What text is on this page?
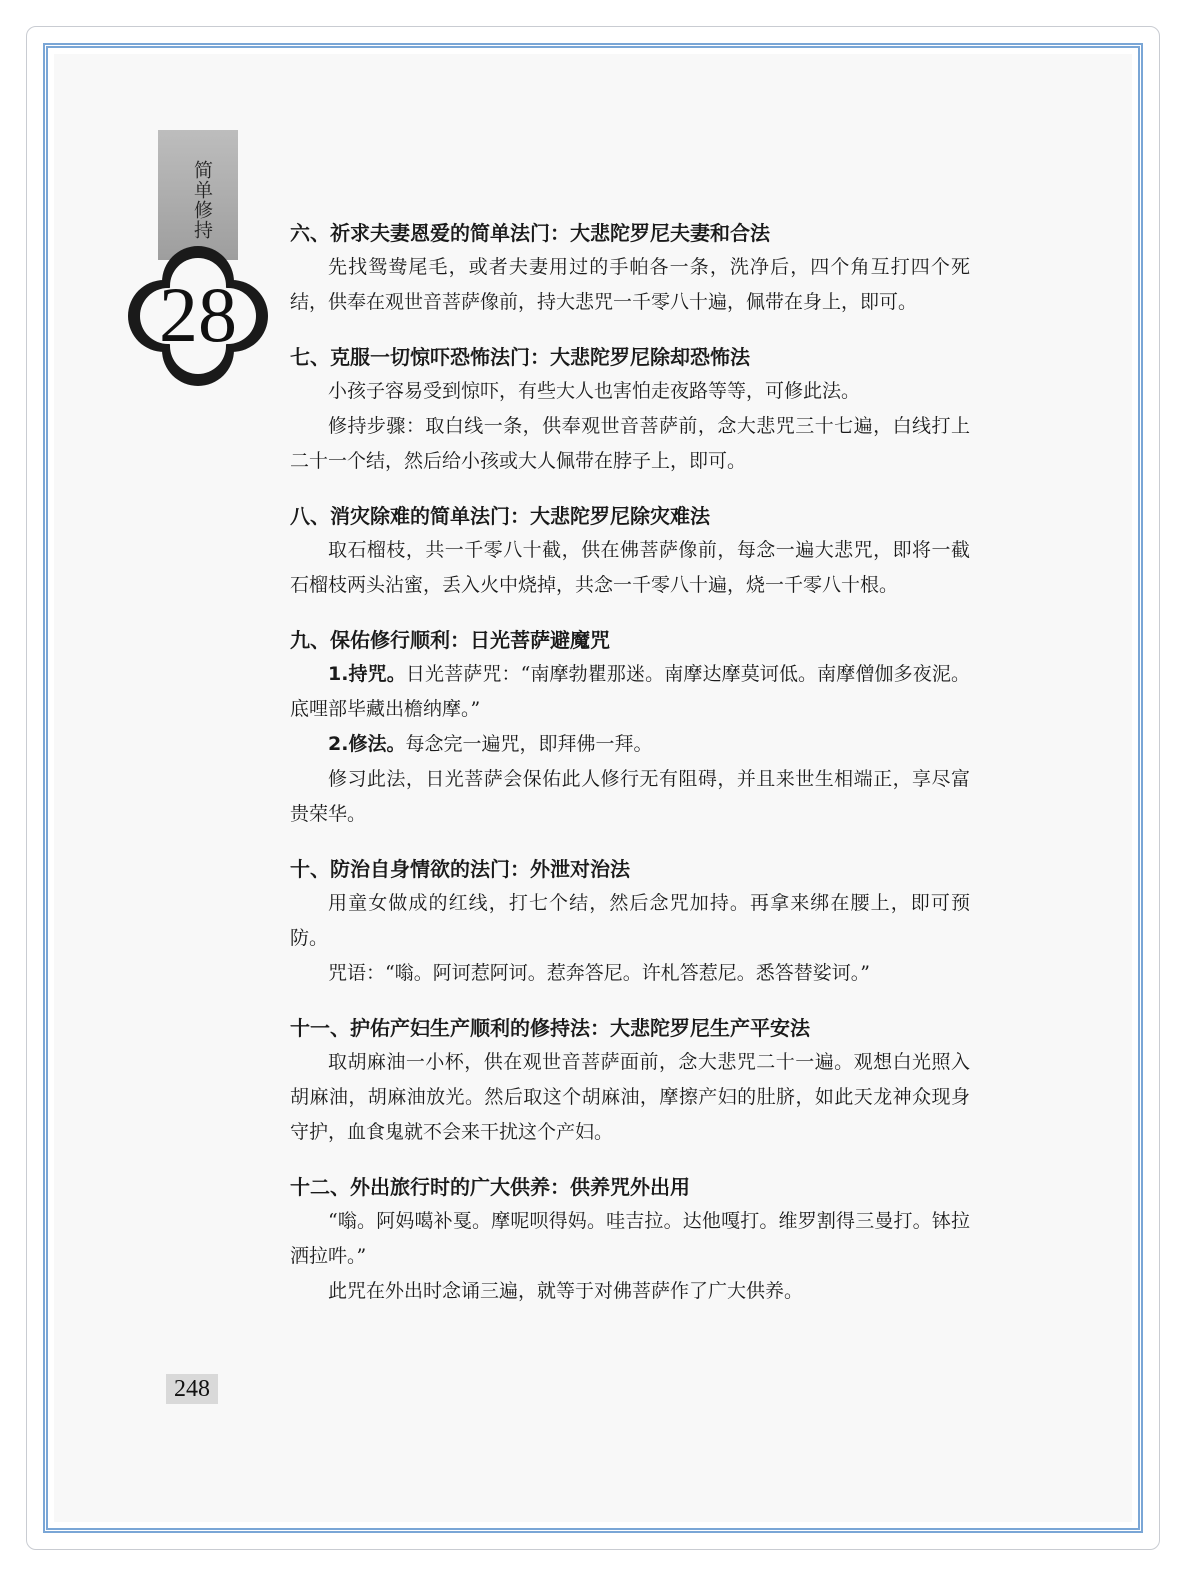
简单修持
28
六、祈求夫妻恩爱的简单法门：大悲陀罗尼夫妻和合法

先找鸳鸯尾毛，或者夫妻用过的手帕各一条，洗净后，四个角互打四个死结，供奉在观世音菩萨像前，持大悲咒一千零八十遍，佩带在身上，即可。

七、克服一切惊吓恐怖法门：大悲陀罗尼除却恐怖法

小孩子容易受到惊吓，有些大人也害怕走夜路等等，可修此法。

修持步骤：取白线一条，供奉观世音菩萨前，念大悲咒三十七遍，白线打上二十一个结，然后给小孩或大人佩带在脖子上，即可。

八、消灾除难的简单法门：大悲陀罗尼除灾难法

取石榴枝，共一千零八十截，供在佛菩萨像前，每念一遍大悲咒，即将一截石榴枝两头沾蜜，丢入火中烧掉，共念一千零八十遍，烧一千零八十根。

九、保佑修行顺利：日光菩萨避魔咒

1.持咒。日光菩萨咒：“南摩勃瞿那迷。南摩达摩莫诃低。南摩僧伽多夜泥。底哩部毕藏出檐纳摩。”

2.修法。每念完一遍咒，即拜佛一拜。

修习此法，日光菩萨会保佑此人修行无有阻碍，并且来世生相端正，享尽富贵荣华。

十、防治自身情欲的法门：外泄对治法

用童女做成的红线，打七个结，然后念咒加持。再拿来绑在腰上，即可预防。

咒语：“嗡。阿诃惹阿诃。惹奔答尼。许札答惹尼。悉答替娑诃。”

十一、护佑产妇生产顺利的修持法：大悲陀罗尼生产平安法

取胡麻油一小杯，供在观世音菩萨面前，念大悲咒二十一遍。观想白光照入胡麻油，胡麻油放光。然后取这个胡麻油，摩擦产妇的肚脐，如此天龙神众现身守护，血食鬼就不会来干扰这个产妇。

十二、外出旅行时的广大供养：供养咒外出用

“嗡。阿妈噶补戛。摩呢呗得妈。哇吉拉。达他嘎打。维罗割得三曼打。钵拉洒拉吽。”

此咒在外出时念诵三遍，就等于对佛菩萨作了广大供养。

248
